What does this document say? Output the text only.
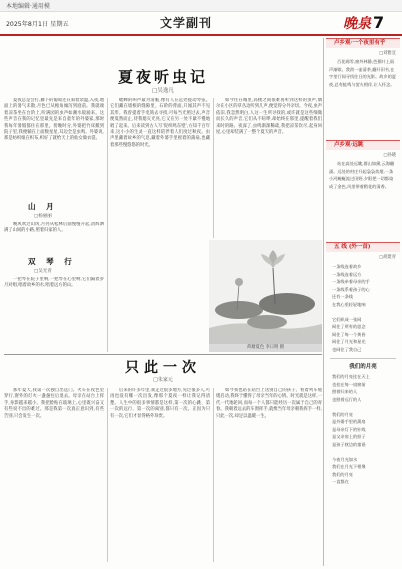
本地编辑·通用模
2025年8月1日 星期五	文学副刊	晚泉 7
夏夜听虫记
□吴逸凡
夏夜总是会打,藤下的葡萄还在叙着余温,入夜,地面上的暑气未散,月色已从檐角倾泻到庭前。我就端着凉茶坐在台阶上,听满园的虫声如潮水般涌来。这些声音在我的记忆里最先是来自童年的外婆家,那时我每年暑假都住在那里。傍晚时分,外婆把竹床搬到院子里,我便躺在上面数星星,耳边全是虫鸣。外婆说,那是纺织娘在织布,织好了就给天上的仙女做衣裳。
蟋蟀的叫声最为清脆,像有人在远处拨动琴弦。它们藏在墙根的缝隙里、石阶的背面,只闻其声不见其形。我曾提着手电筒去寻找,可每当光照过去,声音便戛然而止,待我熄灭光亮,它又在另一处不紧不慢地唱了起来。后来读到古人写'促织鸣东壁',方知千百年来,这小小的生灵一直这样陪伴着人们度过秋夜。虫声里藏着故乡的气息,藏着外婆手里摇着的蒲扇,也藏着那些慢悠悠的时光。
如今住在城里,高楼之间很难再听到这样的虫声,偶尔在小区的草丛边听到几声,便觉得分外亲切。今夜,虫声依旧,我忽然明白,人这一生所寻找的,或许就是这些细微而长久的声音,它们从不喧哗,却始终在那里,提醒着我们来时的路。夜深了,虫鸣渐渐稀疏,我把凉茶饮尽,起身回屋,心里却装满了一整个夏天的声音。
山 月
□杨丽丽
晚风吹过山冈,月亮从松林后面慢慢升起,清辉洒满了山间的小路,照着归家的人。
双 琴 行
□吴光青
一把琴在院子里响,一把琴在心里响,它们隔着岁月对唱,唱着故乡的水,唱着远方的山。
荷塘夏色 李日明 摄
只此一次
□朱家元
那年夏天,我第一次独自出远门。火车在夜色里穿行,窗外的灯火一盏盏往后退去。母亲在站台上挥手,身影越来越小。我把脸贴在玻璃上,心里既兴奋又有些说不出的难过。那是我第一次真正意识到,有些告别,只会发生一次。
后来的许多年里,我走过很多地方,见过很多人,可再也没有哪一次出发,像那个夏夜一样让我记得清楚。人生中的很多事情都是这样,第一次的心跳、第一次的远行、第一次的离别,都只有一次。正因为只有一次,它们才显得格外珍贵。
如今我也站在站台上送别自己的孩子。看着列车缓缓启动,我终于懂得了母亲当年的心情。时光就是这样,一代一代地轮回,而每一个人都只能经历一次属于自己的青春。我朝着远去的车窗挥手,就像当年母亲朝我挥手一样,只此一次,却足以温暖一生。
卢乡观·一个夜里有乎
□刘雅宜
百花凋零,窗外林静,芭蕉叶上雨声渐歇。我沏一壶清茶,翻开旧书,在字里行间寻找往日的光影。故乡的夏夜,总有蛙鸣与萤火相伴,让人怀念。
卢乡观·远眺
□孙晓
站在高处远眺,群山如黛,云海翻涌。远处的村庄升起袅袅炊烟,一条小河蜿蜒流过田野,夕阳把一切都染成了金色,风里带着稻花的清香。
五 线 (外一首)
□胡建青
一条线连着故乡
一条线连着远方
一条线牵着母亲的手
一条线系着孩子的心
还有一条线
在我心里轻轻地响

它们织成一张网
网住了所有的思念
网住了每一个黄昏
网住了月光和星光
也网住了我自己
我们的月亮
我们的月亮挂在天上
也挂在每一扇窗前
照着归来的人
也照着远行的人

我们的月亮
是外婆手里的蒲扇
是母亲灯下的针线
是父亲肩上的担子
是孩子枕边的童谣

今夜月光如水
我们在月光下相聚
我们的月亮
一直都在
